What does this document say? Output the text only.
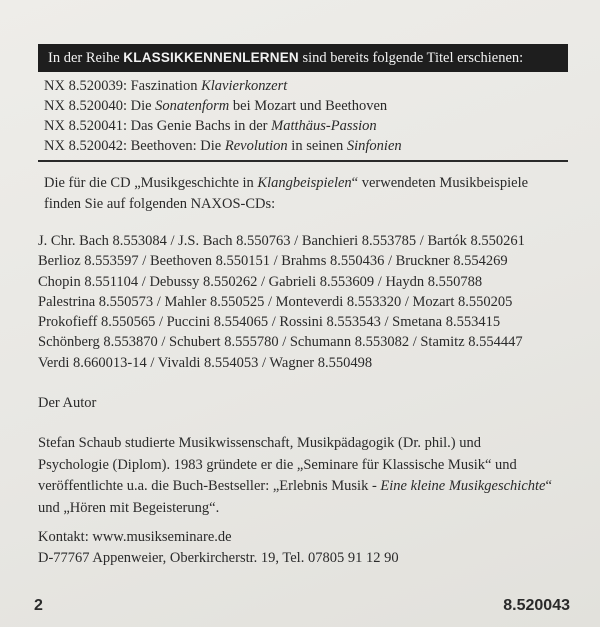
In der Reihe KLASSIKKENNENLERNEN sind bereits folgende Titel erschienen:
NX 8.520039: Faszination Klavierkonzert
NX 8.520040: Die Sonatenform bei Mozart und Beethoven
NX 8.520041: Das Genie Bachs in der Matthäus-Passion
NX 8.520042: Beethoven: Die Revolution in seinen Sinfonien
Die für die CD „Musikgeschichte in Klangbeispielen“ verwendeten Musikbeispiele
finden Sie auf folgenden NAXOS-CDs:
J. Chr. Bach 8.553084 / J.S. Bach 8.550763 / Banchieri 8.553785 / Bartók 8.550261
Berlioz 8.553597 / Beethoven 8.550151 / Brahms 8.550436 / Bruckner 8.554269
Chopin 8.551104 / Debussy 8.550262 / Gabrieli 8.553609 / Haydn 8.550788
Palestrina 8.550573 / Mahler 8.550525 / Monteverdi 8.553320 / Mozart 8.550205
Prokofieff 8.550565 / Puccini 8.554065 / Rossini 8.553543 / Smetana 8.553415
Schönberg 8.553870 / Schubert 8.555780 / Schumann 8.553082 / Stamitz 8.554447
Verdi 8.660013-14 / Vivaldi 8.554053 / Wagner 8.550498
Der Autor
Stefan Schaub studierte Musikwissenschaft, Musikpädagogik (Dr. phil.) und
Psychologie (Diplom). 1983 gründete er die „Seminare für Klassische Musik“ und
veröffentlichte u.a. die Buch-Bestseller: „Erlebnis Musik - Eine kleine Musikgeschichte“
und „Hören mit Begeisterung“.
Kontakt: www.musikseminare.de
D-77767 Appenweier, Oberkircherstr. 19, Tel. 07805 91 12 90
2	8.520043
